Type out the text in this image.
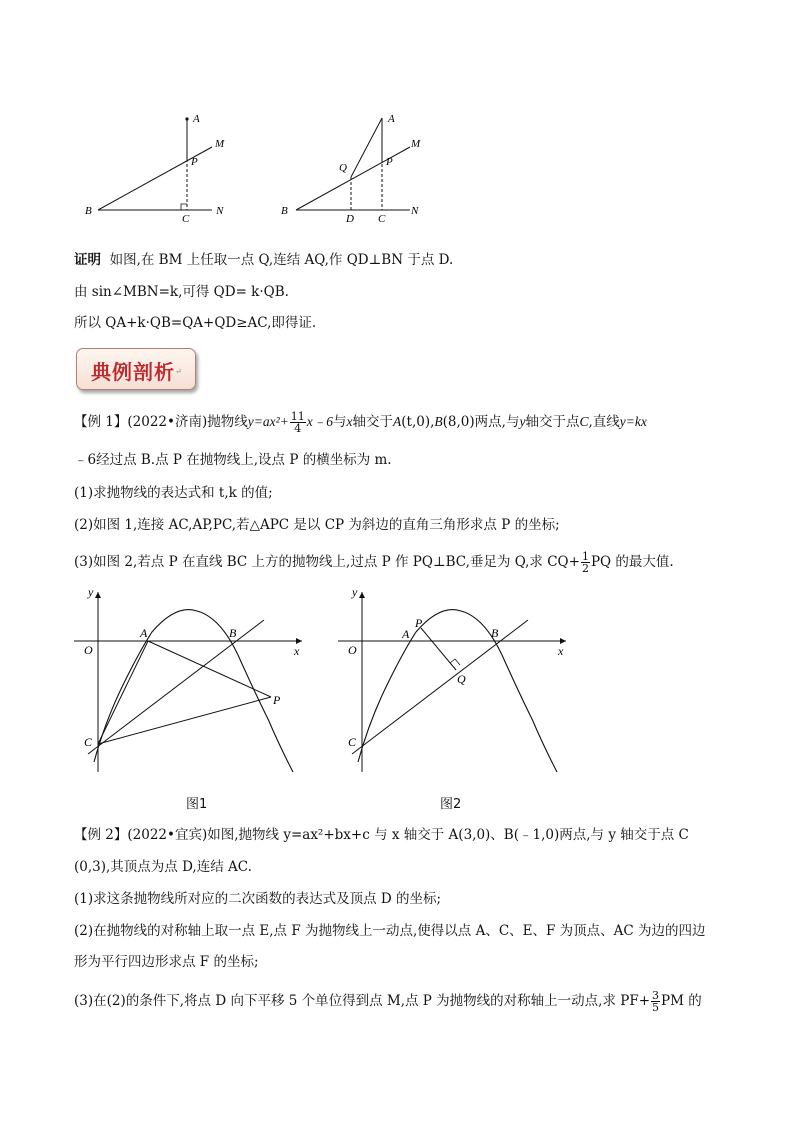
A
M
P
B
C
N
A
M
Q	P
B
D C
N
证明 如图,在 BM 上任取一点 Q,连结 AQ,作 QD⊥BN 于点 D.
由 sin∠MBN=k,可得 QD= k·QB.
所以 QA+k·QB=QA+QD≥AC,即得证.
典例剖析 ↵
【例 1】(2022•济南)抛物线$y=ax^2+ \frac{11}{4}$ x﹣6与x轴交于A(t,0),B(8,0)两点,与y轴交于点C,直线y=kx
﹣6经过点 B.点 P 在抛物线上,设点 P 的横坐标为 m.
(1)求抛物线的表达式和 t,k 的值;
(2)如图 1,连接 AC,AP,PC,若△APC 是以 CP 为斜边的直角三角形求点 P 的坐标;
(3)如图 2,若点 P 在直线 BC 上方的抛物线上,过点 P 作 PQ⊥BC,垂足为 Q,求 $CQ+ \frac{1}{2}$ PQ 的最大值.
y
x
O
A	B
C
P
图1
y
x
O
A
P
B
Q
C
图2
【例 2】(2022•宜宾)如图,抛物线 y=ax²+bx+c 与 x 轴交于 A(3,0)、B(﹣1,0)两点,与 y 轴交于点 C
(0,3),其顶点为点 D,连结 AC.
(1)求这条抛物线所对应的二次函数的表达式及顶点 D 的坐标;
(2)在抛物线的对称轴上取一点 E,点 F 为抛物线上一动点,使得以点 A、C、E、F 为顶点、AC 为边的四边
形为平行四边形求点 F 的坐标;
(3)在(2)的条件下,将点 D 向下平移 5 个单位得到点 M,点 P 为抛物线的对称轴上一动点,求 $PF+ \frac{3}{5}$ PM 的
